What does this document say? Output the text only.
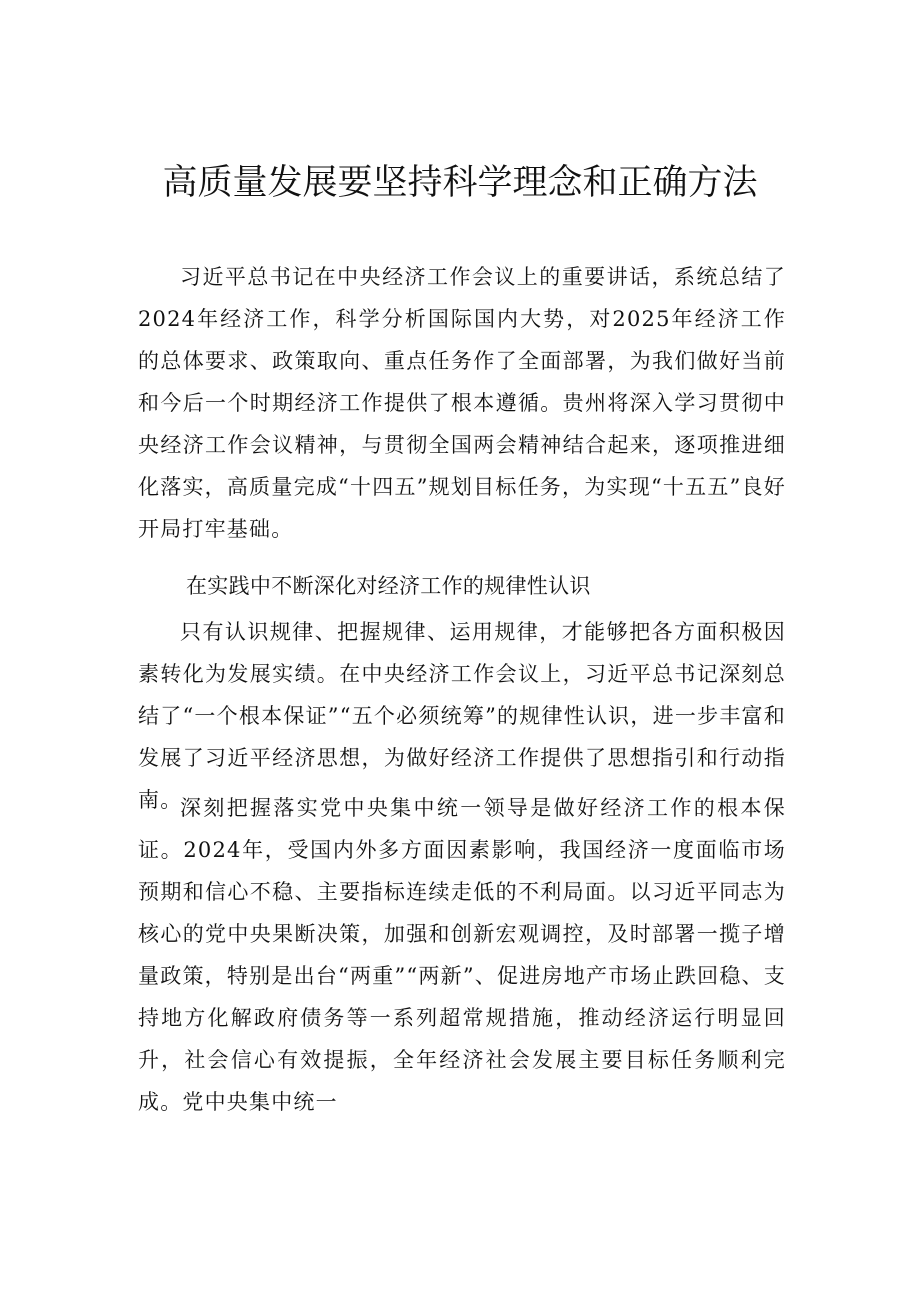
高质量发展要坚持科学理念和正确方法

习近平总书记在中央经济工作会议上的重要讲话，系统总结了2024年经济工作，科学分析国际国内大势，对2025年经济工作的总体要求、政策取向、重点任务作了全面部署，为我们做好当前和今后一个时期经济工作提供了根本遵循。贵州将深入学习贯彻中央经济工作会议精神，与贯彻全国两会精神结合起来，逐项推进细化落实，高质量完成“十四五”规划目标任务，为实现“十五五”良好开局打牢基础。

在实践中不断深化对经济工作的规律性认识

只有认识规律、把握规律、运用规律，才能够把各方面积极因素转化为发展实绩。在中央经济工作会议上，习近平总书记深刻总结了“一个根本保证”“五个必须统筹”的规律性认识，进一步丰富和发展了习近平经济思想，为做好经济工作提供了思想指引和行动指南。

深刻把握落实党中央集中统一领导是做好经济工作的根本保证。2024年，受国内外多方面因素影响，我国经济一度面临市场预期和信心不稳、主要指标连续走低的不利局面。以习近平同志为核心的党中央果断决策，加强和创新宏观调控，及时部署一揽子增量政策，特别是出台“两重”“两新”、促进房地产市场止跌回稳、支持地方化解政府债务等一系列超常规措施，推动经济运行明显回升，社会信心有效提振，全年经济社会发展主要目标任务顺利完成。党中央集中统一
